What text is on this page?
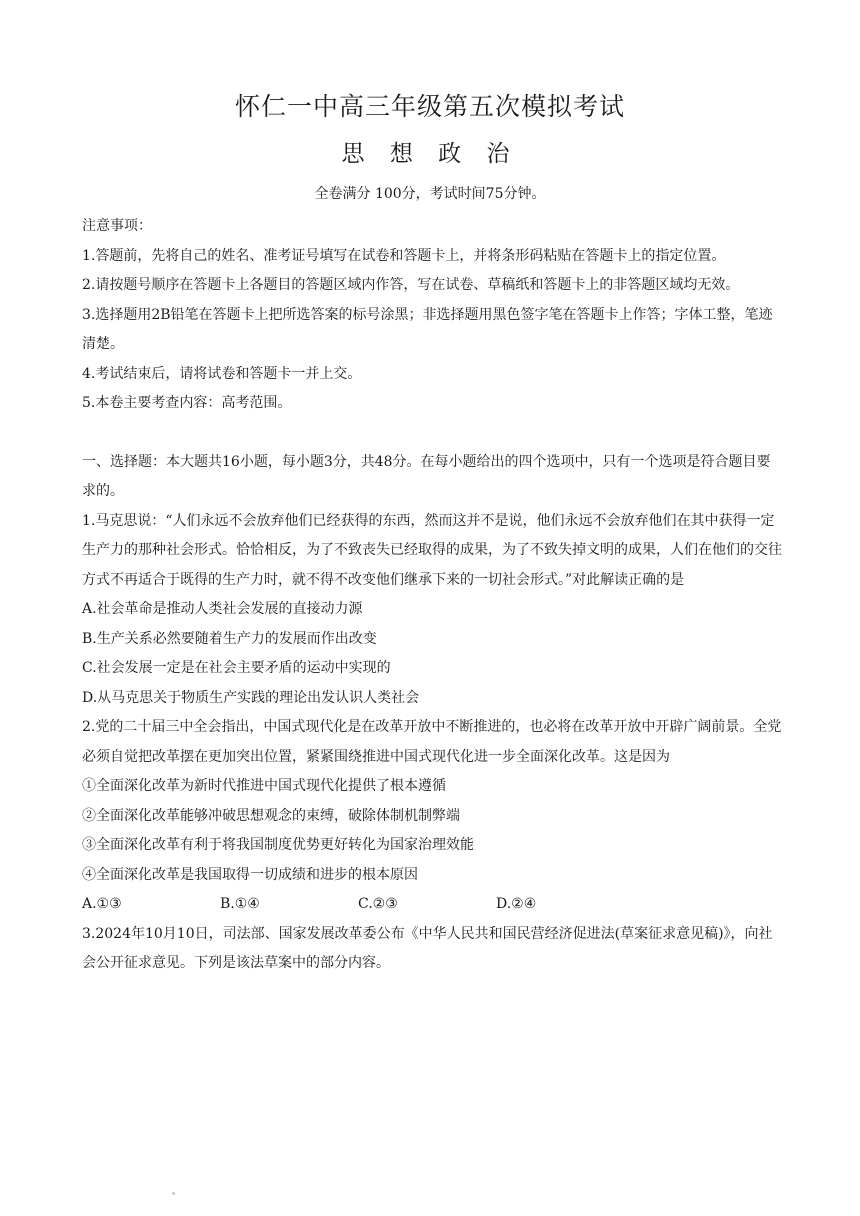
怀仁一中高三年级第五次模拟考试
思 想 政 治
全卷满分 100分，考试时间75分钟。

注意事项：

1.答题前，先将自己的姓名、准考证号填写在试卷和答题卡上，并将条形码粘贴在答题卡上的指定位置。

2.请按题号顺序在答题卡上各题目的答题区域内作答，写在试卷、草稿纸和答题卡上的非答题区域均无效。

3.选择题用2B铅笔在答题卡上把所选答案的标号涂黑；非选择题用黑色签字笔在答题卡上作答；字体工整，笔迹清楚。

4.考试结束后，请将试卷和答题卡一并上交。

5.本卷主要考查内容：高考范围。

一、选择题：本大题共16小题，每小题3分，共48分。在每小题给出的四个选项中，只有一个选项是符合题目要求的。

1.马克思说：“人们永远不会放弃他们已经获得的东西，然而这并不是说，他们永远不会放弃他们在其中获得一定生产力的那种社会形式。恰恰相反，为了不致丧失已经取得的成果，为了不致失掉文明的成果，人们在他们的交往方式不再适合于既得的生产力时，就不得不改变他们继承下来的一切社会形式。”对此解读正确的是

A.社会革命是推动人类社会发展的直接动力源

B.生产关系必然要随着生产力的发展而作出改变

C.社会发展一定是在社会主要矛盾的运动中实现的

D.从马克思关于物质生产实践的理论出发认识人类社会

2.党的二十届三中全会指出，中国式现代化是在改革开放中不断推进的，也必将在改革开放中开辟广阔前景。全党必须自觉把改革摆在更加突出位置，紧紧围绕推进中国式现代化进一步全面深化改革。这是因为

①全面深化改革为新时代推进中国式现代化提供了根本遵循

②全面深化改革能够冲破思想观念的束缚，破除体制机制弊端

③全面深化改革有利于将我国制度优势更好转化为国家治理效能

④全面深化改革是我国取得一切成绩和进步的根本原因

A.①③	B.①④	C.②③	D.②④

3.2024年10月10日，司法部、国家发展改革委公布《中华人民共和国民营经济促进法(草案征求意见稿)》，向社会公开征求意见。下列是该法草案中的部分内容。
